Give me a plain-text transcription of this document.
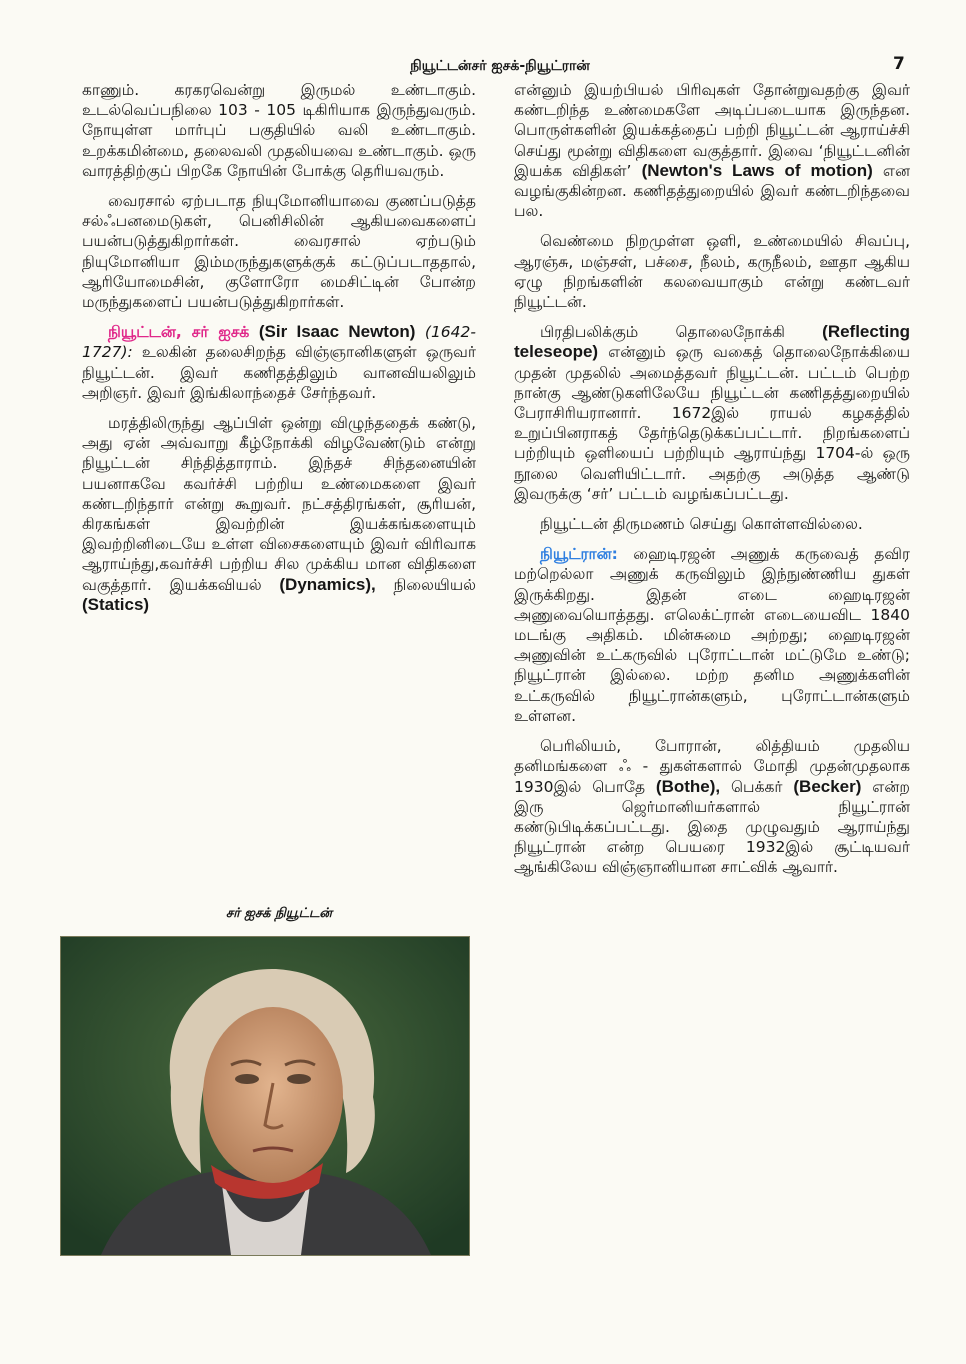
நியூட்டன்சர் ஐசக்-நியூட்ரான்	7

காணும். கரகரவென்று இருமல் உண்டாகும். உடல்வெப்பநிலை 103 - 105 டிகிரியாக இருந்துவரும். நோயுள்ள மார்புப் பகுதியில் வலி உண்டாகும். உறக்கமின்மை, தலைவலி முதலியவை உண்டாகும். ஒரு வாரத்திற்குப் பிறகே நோயின் போக்கு தெரியவரும்.

வைரசால் ஏற்படாத நியுமோனியாவை குணப்படுத்த சல்ஃபனமைடுகள், பெனிசிலின் ஆகியவைகளைப் பயன்படுத்துகிறார்கள். வைரசால் ஏற்படும் நியுமோனியா இம்மருந்துகளுக்குக் கட்டுப்படாததால், ஆரியோமைசின், குளோரோ மைசிட்டின் போன்ற மருந்துகளைப் பயன்படுத்துகிறார்கள்.

நியூட்டன், சர் ஐசக் (Sir Isaac Newton) (1642-1727): உலகின் தலைசிறந்த விஞ்ஞானிகளுள் ஒருவர் நியூட்டன். இவர் கணிதத்திலும் வானவியலிலும் அறிஞர். இவர் இங்கிலாந்தைச் சேர்ந்தவர்.

மரத்திலிருந்து ஆப்பிள் ஒன்று விழுந்ததைக் கண்டு, அது ஏன் அவ்வாறு கீழ்நோக்கி விழவேண்டும் என்று நியூட்டன் சிந்தித்தாராம். இந்தச் சிந்தனையின் பயனாகவே கவர்ச்சி பற்றிய உண்மைகளை இவர் கண்டறிந்தார் என்று கூறுவர். நட்சத்திரங்கள், சூரியன், கிரகங்கள் இவற்றின் இயக்கங்களையும் இவற்றினிடையே உள்ள விசைகளையும் இவர் விரிவாக ஆராய்ந்து,கவர்ச்சி பற்றிய சில முக்கிய மான விதிகளை வகுத்தார். இயக்கவியல் (Dynamics), நிலையியல் (Statics)

சர் ஐசக் நியூட்டன்

என்னும் இயற்பியல் பிரிவுகள் தோன்றுவதற்கு இவர் கண்டறிந்த உண்மைகளே அடிப்படையாக இருந்தன. பொருள்களின் இயக்கத்தைப் பற்றி நியூட்டன் ஆராய்ச்சி செய்து மூன்று விதிகளை வகுத்தார். இவை ‘நியூட்டனின் இயக்க விதிகள்’ (Newton's Laws of motion) என வழங்குகின்றன. கணிதத்துறையில் இவர் கண்டறிந்தவை பல.

வெண்மை நிறமுள்ள ஒளி, உண்மையில் சிவப்பு, ஆரஞ்சு, மஞ்சள், பச்சை, நீலம், கருநீலம், ஊதா ஆகிய ஏழு நிறங்களின் கலவையாகும் என்று கண்டவர் நியூட்டன்.

பிரதிபலிக்கும் தொலைநோக்கி (Reflecting telesеope) என்னும் ஒரு வகைத் தொலைநோக்கியை முதன் முதலில் அமைத்தவர் நியூட்டன். பட்டம் பெற்ற நான்கு ஆண்டுகளிலேயே நியூட்டன் கணிதத்துறையில் பேராசிரியரானார். 1672இல் ராயல் கழகத்தில் உறுப்பினராகத் தேர்ந்தெடுக்கப்பட்டார். நிறங்களைப் பற்றியும் ஒளியைப் பற்றியும் ஆராய்ந்து 1704-ல் ஒரு நூலை வெளியிட்டார். அதற்கு அடுத்த ஆண்டு இவருக்கு ‘சர்’ பட்டம் வழங்கப்பட்டது.

நியூட்டன் திருமணம் செய்து கொள்ளவில்லை.

நியூட்ரான்: ஹைடிரஜன் அணுக் கருவைத் தவிர மற்றெல்லா அணுக் கருவிலும் இந்நுண்ணிய துகள் இருக்கிறது. இதன் எடை ஹைடிரஜன் அணுவையொத்தது. எலெக்ட்ரான் எடையைவிட 1840 மடங்கு அதிகம். மின்சுமை அற்றது; ஹைடிரஜன் அணுவின் உட்கருவில் புரோட்டான் மட்டுமே உண்டு; நியூட்ரான் இல்லை. மற்ற தனிம அணுக்களின் உட்கருவில் நியூட்ரான்களும், புரோட்டான்களும் உள்ளன.

பெரிலியம், போரான், லித்தியம் முதலிய தனிமங்களை ஃ - துகள்களால் மோதி முதன்முதலாக 1930இல் பொதே (Bothe), பெக்கர் (Becker) என்ற இரு ஜெர்மானியர்களால் நியூட்ரான் கண்டுபிடிக்கப்பட்டது. இதை முழுவதும் ஆராய்ந்து நியூட்ரான் என்ற பெயரை 1932இல் சூட்டியவர் ஆங்கிலேய விஞ்ஞானியான சாட்விக் ஆவார்.
